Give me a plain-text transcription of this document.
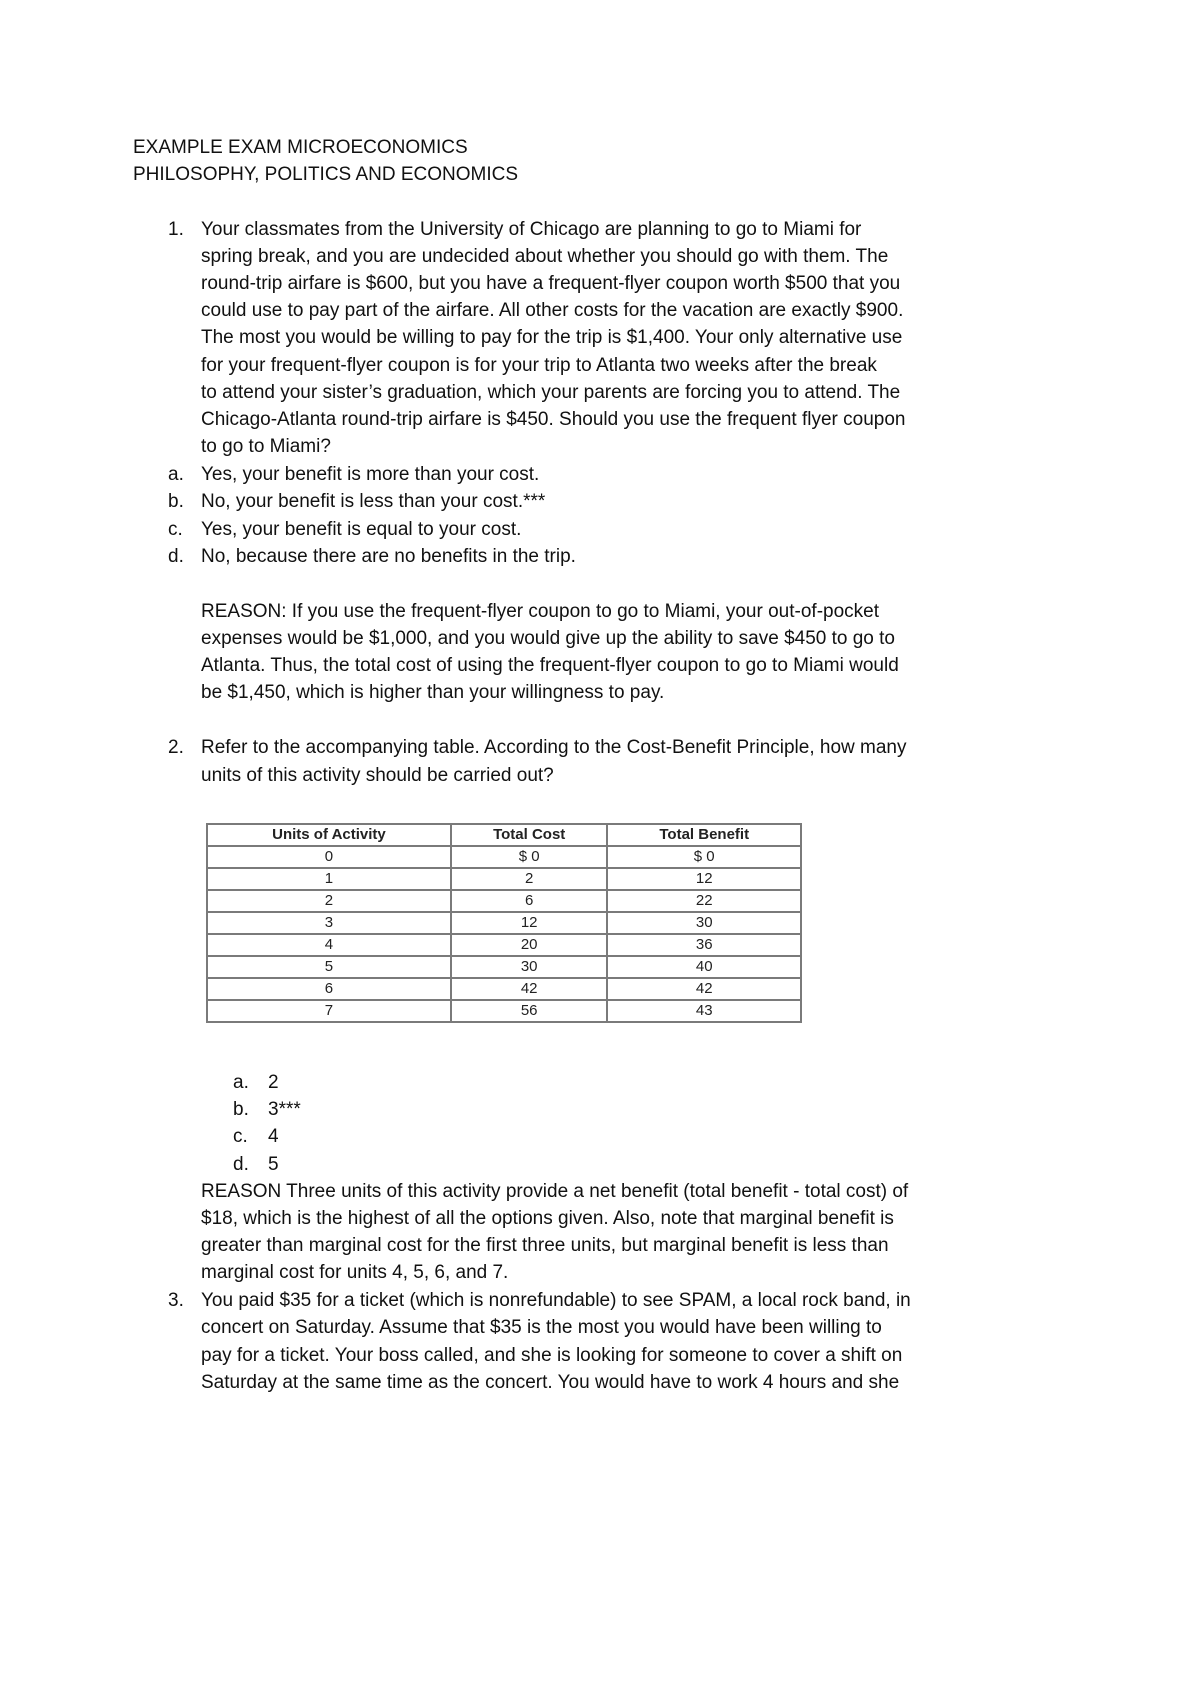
EXAMPLE EXAM MICROECONOMICS
PHILOSOPHY, POLITICS AND ECONOMICS
1. Your classmates from the University of Chicago are planning to go to Miami for
spring break, and you are undecided about whether you should go with them. The
round-trip airfare is $600, but you have a frequent-flyer coupon worth $500 that you
could use to pay part of the airfare. All other costs for the vacation are exactly $900.
The most you would be willing to pay for the trip is $1,400. Your only alternative use
for your frequent-flyer coupon is for your trip to Atlanta two weeks after the break
to attend your sister’s graduation, which your parents are forcing you to attend. The
Chicago-Atlanta round-trip airfare is $450. Should you use the frequent flyer coupon
to go to Miami?
a. Yes, your benefit is more than your cost.
b. No, your benefit is less than your cost.***
c. Yes, your benefit is equal to your cost.
d. No, because there are no benefits in the trip.
REASON: If you use the frequent-flyer coupon to go to Miami, your out-of-pocket
expenses would be $1,000, and you would give up the ability to save $450 to go to
Atlanta. Thus, the total cost of using the frequent-flyer coupon to go to Miami would
be $1,450, which is higher than your willingness to pay.
2. Refer to the accompanying table. According to the Cost-Benefit Principle, how many
units of this activity should be carried out?
Units of Activity	Total Cost	Total Benefit
0	$ 0	$ 0
1	2	12
2	6	22
3	12	30
4	20	36
5	30	40
6	42	42
7	56	43
a. 2
b. 3***
c. 4
d. 5
REASON Three units of this activity provide a net benefit (total benefit - total cost) of
$18, which is the highest of all the options given. Also, note that marginal benefit is
greater than marginal cost for the first three units, but marginal benefit is less than
marginal cost for units 4, 5, 6, and 7.
3. You paid $35 for a ticket (which is nonrefundable) to see SPAM, a local rock band, in
concert on Saturday. Assume that $35 is the most you would have been willing to
pay for a ticket. Your boss called, and she is looking for someone to cover a shift on
Saturday at the same time as the concert. You would have to work 4 hours and she
